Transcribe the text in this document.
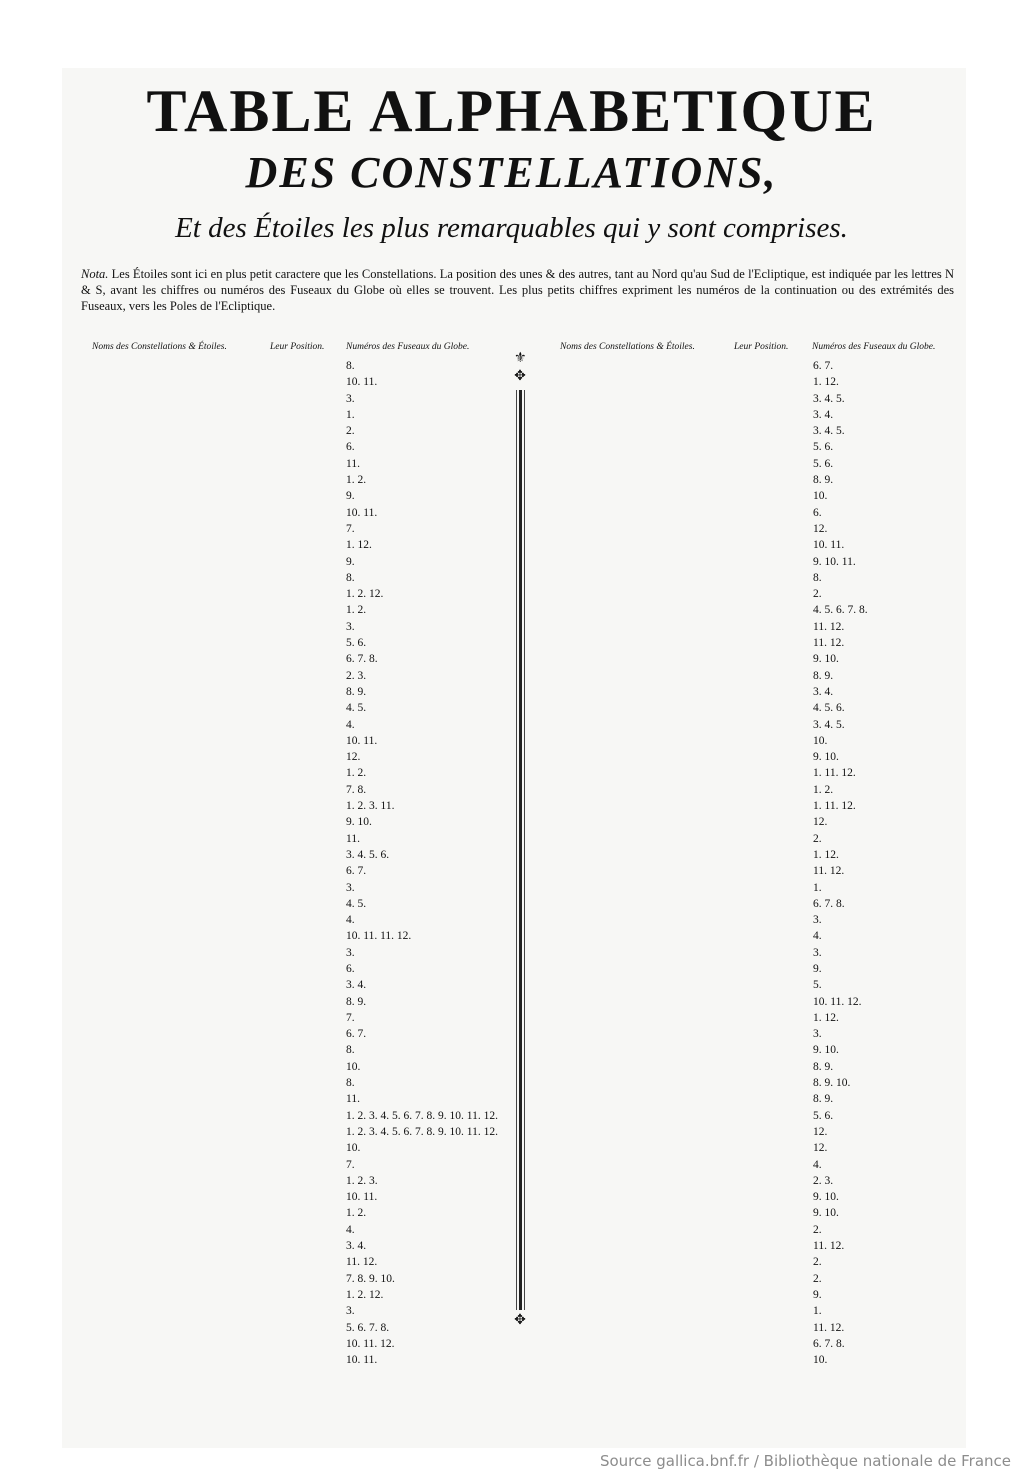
TABLE ALPHABETIQUE
DES CONSTELLATIONS,
Et des Étoiles les plus remarquables qui y sont comprises.
Nota. Les Étoiles sont ici en plus petit caractere que les Constellations. La position des unes & des autres, tant au Nord qu'au Sud de l'Ecliptique, est indiquée par les lettres N & S, avant les chiffres ou numéros des Fuseaux du Globe où elles se trouvent. Les plus petits chiffres expriment les numéros de la continuation ou des extrémités des Fuseaux, vers les Poles de l'Ecliptique.
Noms des Constellations & Étoiles.	Leur Position. Numéros des Fuseaux du Globe.
8.
10. 11.
3.
1.
2.
6.
11.
1. 2.
9.
10. 11.
7.
1. 12.
9.
8.
1. 2. 12.
1. 2.
3.
5. 6.
6. 7. 8.
2. 3.
8. 9.
4. 5.
4.
10. 11.
12.
1. 2.
7. 8.
1. 2. 3. 11.
9. 10.
11.
3. 4. 5. 6.
6. 7.
3.
4. 5.
4.
10. 11. 11. 12.
3.
6.
3. 4.
8. 9.
7.
6. 7.
8.
10.
8.
11.
1. 2. 3. 4. 5. 6. 7. 8. 9. 10. 11. 12.
1. 2. 3. 4. 5. 6. 7. 8. 9. 10. 11. 12.
10.
7.
1. 2. 3.
10. 11.
1. 2.
4.
3. 4.
11. 12.
7. 8. 9. 10.
1. 2. 12.
3.
5. 6. 7. 8.
10. 11. 12.
10. 11.
⚜
✥
✥
Noms des Constellations & Étoiles.	Leur Position. Numéros des Fuseaux du Globe.
6. 7.
1. 12.
3. 4. 5.
3. 4.
3. 4. 5.
5. 6.
5. 6.
8. 9.
10.
6.
12.
10. 11.
9. 10. 11.
8.
2.
4. 5. 6. 7. 8.
11. 12.
11. 12.
9. 10.
8. 9.
3. 4.
4. 5. 6.
3. 4. 5.
10.
9. 10.
1. 11. 12.
1. 2.
1. 11. 12.
12.
2.
1. 12.
11. 12.
1.
6. 7. 8.
3.
4.
3.
9.
5.
10. 11. 12.
1. 12.
3.
9. 10.
8. 9.
8. 9. 10.
8. 9.
5. 6.
12.
12.
4.
2. 3.
9. 10.
9. 10.
2.
11. 12.
2.
2.
9.
1.
11. 12.
6. 7. 8.
10.
Source gallica.bnf.fr / Bibliothèque nationale de France
